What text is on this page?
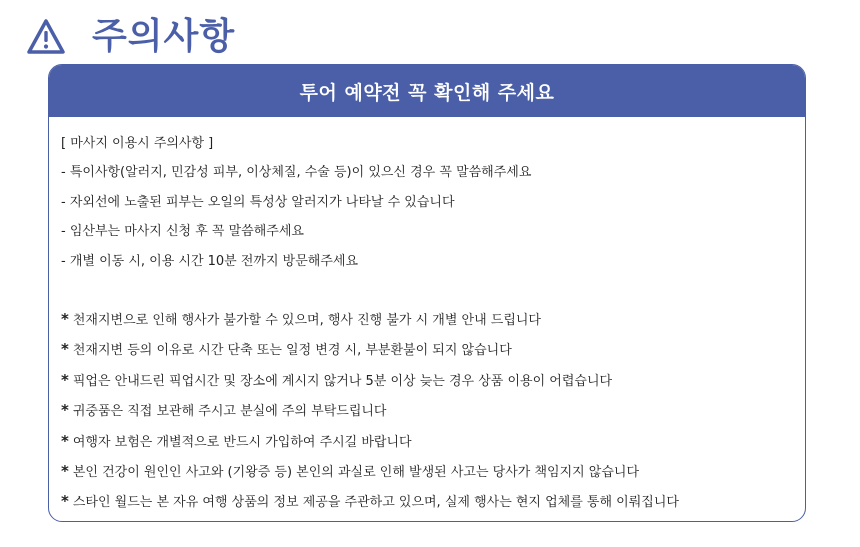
주의사항
투어 예약전 꼭 확인해 주세요
[ 마사지 이용시 주의사항 ]
- 특이사항(알러지, 민감성 피부, 이상체질, 수술 등)이 있으신 경우 꼭 말씀해주세요
- 자외선에 노출된 피부는 오일의 특성상 알러지가 나타날 수 있습니다
- 임산부는 마사지 신청 후 꼭 말씀해주세요
- 개별 이동 시, 이용 시간 10분 전까지 방문해주세요
* 천재지변으로 인해 행사가 불가할 수 있으며, 행사 진행 불가 시 개별 안내 드립니다
* 천재지변 등의 이유로 시간 단축 또는 일정 변경 시, 부분환불이 되지 않습니다
* 픽업은 안내드린 픽업시간 및 장소에 계시지 않거나 5분 이상 늦는 경우 상품 이용이 어렵습니다
* 귀중품은 직접 보관해 주시고 분실에 주의 부탁드립니다
* 여행자 보험은 개별적으로 반드시 가입하여 주시길 바랍니다
* 본인 건강이 원인인 사고와 (기왕증 등) 본인의 과실로 인해 발생된 사고는 당사가 책임지지 않습니다
* 스타인 월드는 본 자유 여행 상품의 정보 제공을 주관하고 있으며, 실제 행사는 현지 업체를 통해 이뤄집니다
